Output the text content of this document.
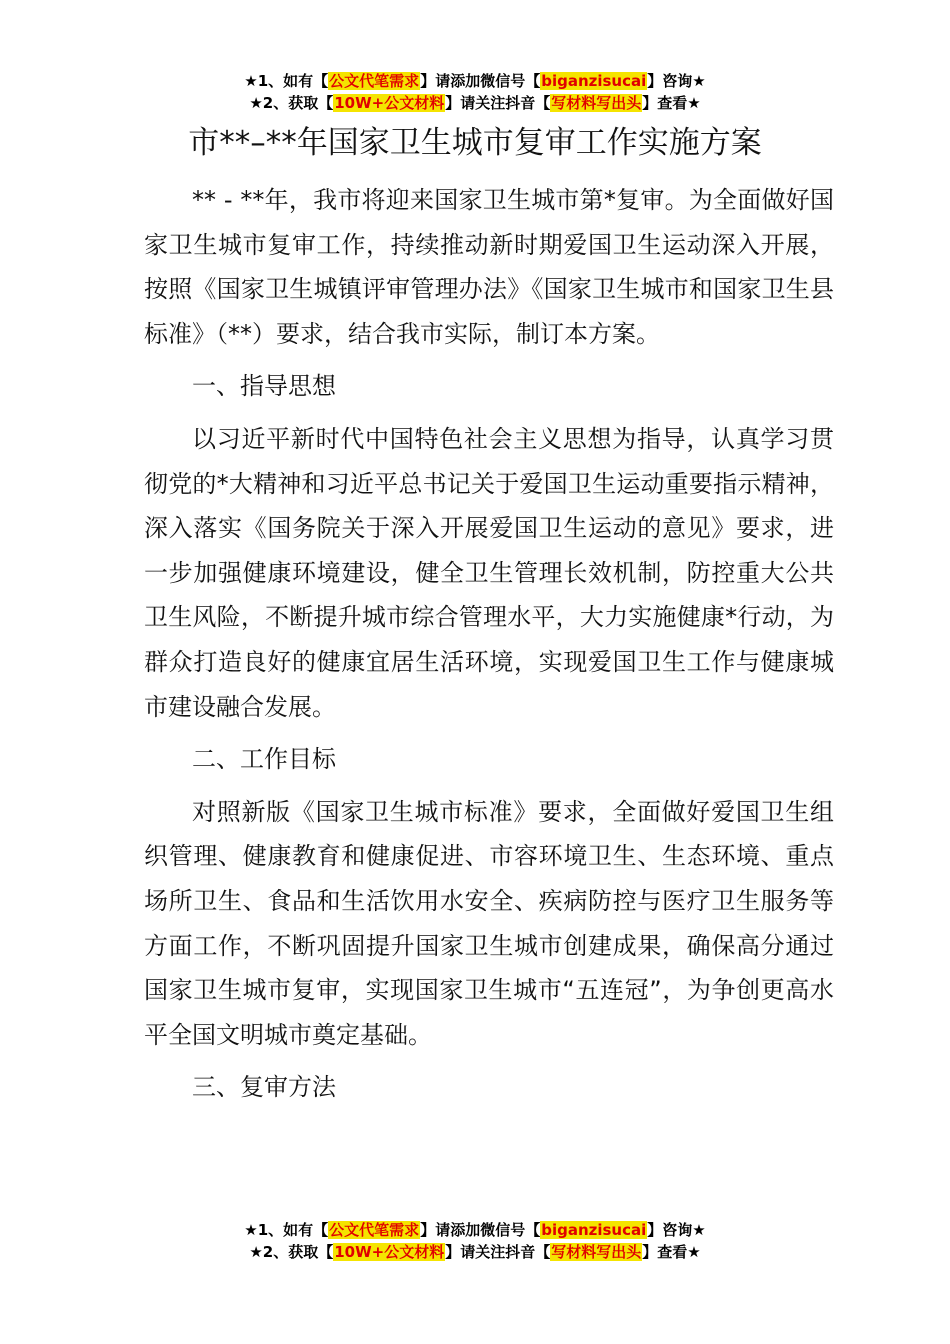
★1、如有【公文代笔需求】请添加微信号【biganzisucai】咨询★
★2、获取【10W+公文材料】请关注抖音【写材料写出头】查看★
市**–**年国家卫生城市复审工作实施方案

** - **年，我市将迎来国家卫生城市第*复审。为全面做好国家卫生城市复审工作，持续推动新时期爱国卫生运动深入开展，按照《国家卫生城镇评审管理办法》《国家卫生城市和国家卫生县标准》（**）要求，结合我市实际，制订本方案。

一、指导思想

以习近平新时代中国特色社会主义思想为指导，认真学习贯彻党的*大精神和习近平总书记关于爱国卫生运动重要指示精神，深入落实《国务院关于深入开展爱国卫生运动的意见》要求，进一步加强健康环境建设，健全卫生管理长效机制，防控重大公共卫生风险，不断提升城市综合管理水平，大力实施健康*行动，为群众打造良好的健康宜居生活环境，实现爱国卫生工作与健康城市建设融合发展。

二、工作目标

对照新版《国家卫生城市标准》要求，全面做好爱国卫生组织管理、健康教育和健康促进、市容环境卫生、生态环境、重点场所卫生、食品和生活饮用水安全、疾病防控与医疗卫生服务等方面工作，不断巩固提升国家卫生城市创建成果，确保高分通过国家卫生城市复审，实现国家卫生城市“五连冠”，为争创更高水平全国文明城市奠定基础。

三、复审方法

★1、如有【公文代笔需求】请添加微信号【biganzisucai】咨询★
★2、获取【10W+公文材料】请关注抖音【写材料写出头】查看★
